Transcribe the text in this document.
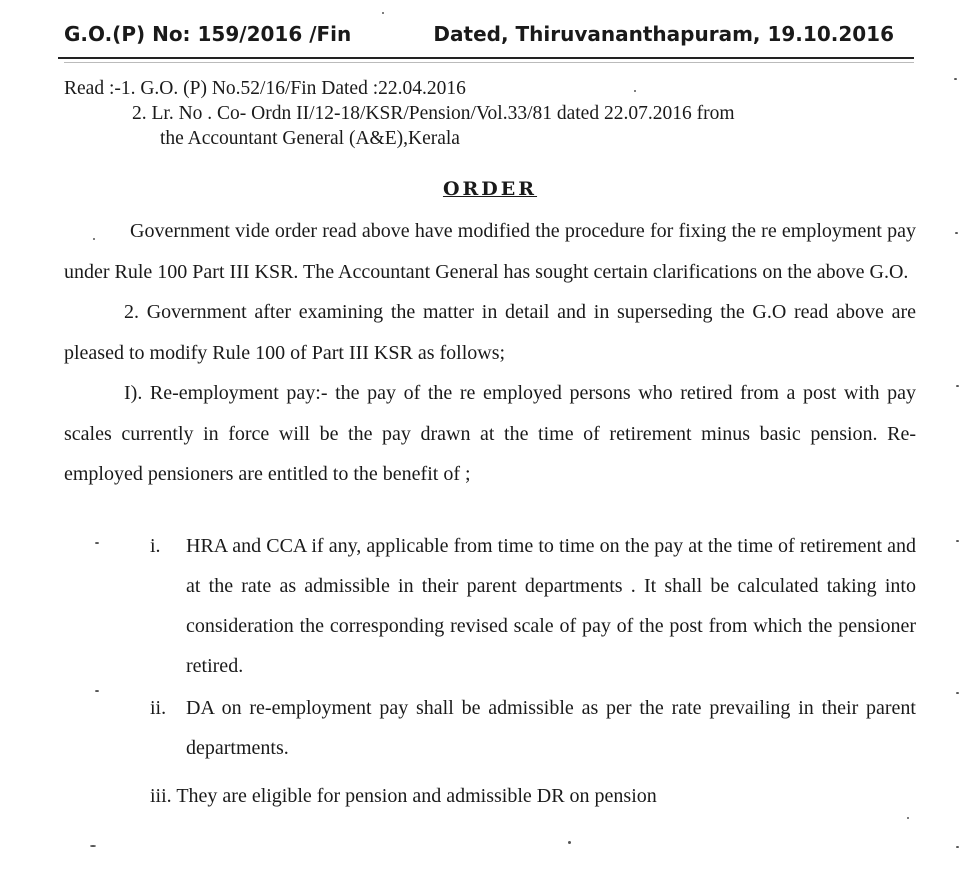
G.O.(P) No: 159/2016 /Fin	Dated, Thiruvananthapuram, 19.10.2016
Read :-1. G.O. (P) No.52/16/Fin Dated :22.04.2016
2. Lr. No . Co- Ordn II/12-18/KSR/Pension/Vol.33/81 dated 22.07.2016 from
the Accountant General (A&E),Kerala
ORDER

Government vide order read above have modified the procedure for fixing the re employment pay under Rule 100 Part III KSR. The Accountant General has sought certain clarifications on the above G.O.

2. Government after examining the matter in detail and in superseding the G.O read above are pleased to modify Rule 100 of Part III KSR as follows;

I). Re-employment pay:- the pay of the re employed persons who retired from a post with pay scales currently in force will be the pay drawn at the time of retirement minus basic pension. Re-employed pensioners are entitled to the benefit of ;

i.	HRA and CCA if any, applicable from time to time on the pay at the time of retirement and at the rate as admissible in their parent departments . It shall be calculated taking into consideration the corresponding revised scale of pay of the post from which the pensioner retired.
ii. DA on re-employment pay shall be admissible as per the rate prevailing in their parent departments.
iii. They are eligible for pension and admissible DR on pension
